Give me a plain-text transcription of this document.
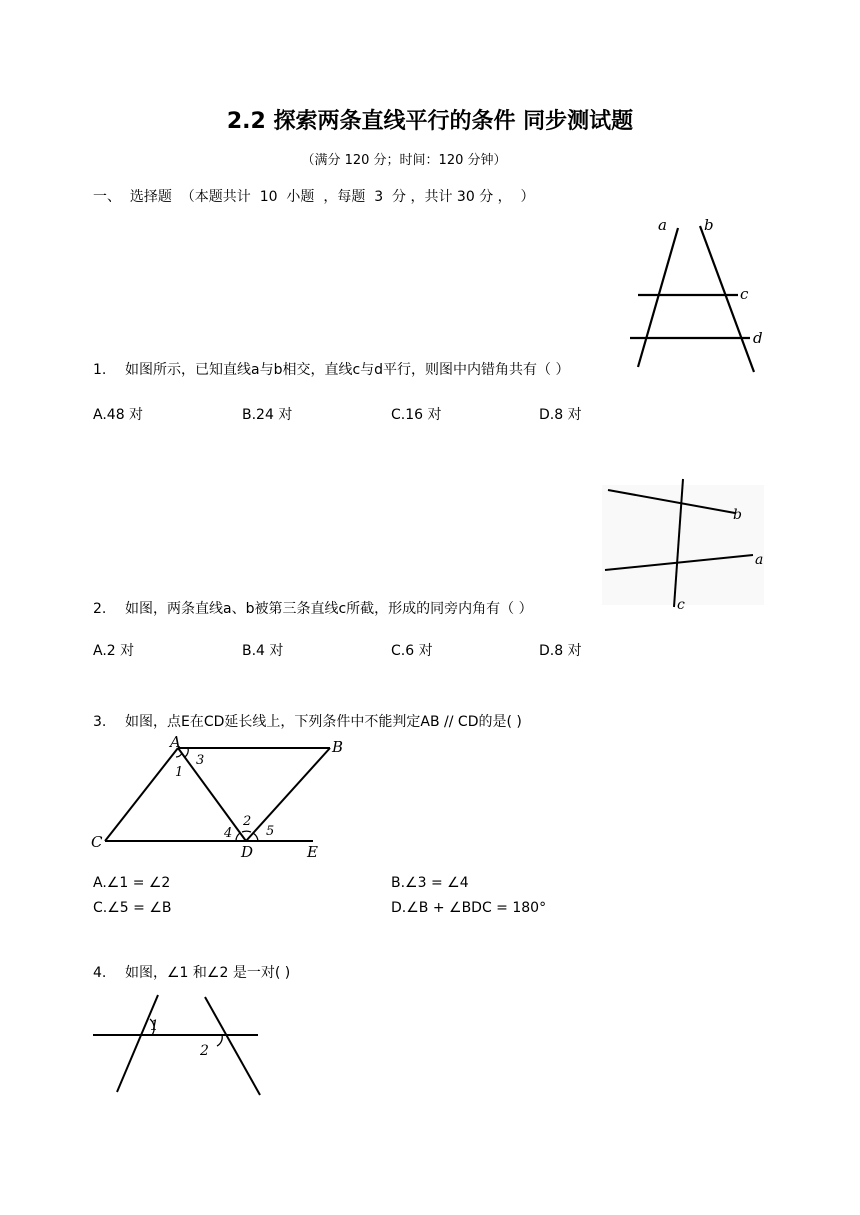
2.2 探索两条直线平行的条件 同步测试题
（满分 120 分；时间：120 分钟）
一、  选择题  （本题共计  10  小题  ，每题  3  分 ，共计 30 分 ，  ）
1. 如图所示，已知直线a与b相交，直线c与d平行，则图中内错角共有（ ）
A.48 对	B.24 对	C.16 对	D.8 对
a b
c
d
2. 如图，两条直线a、b被第三条直线c所截，形成的同旁内角有（ ）
A.2 对	B.4 对	C.6 对	D.8 对
b
a
c
3. 如图，点E在CD延长线上，下列条件中不能判定AB // CD的是( )
A	B
C
D	E
1
2
3
4	5
A.∠1 = ∠2	B.∠3 = ∠4
C.∠5 = ∠B	D.∠B + ∠BDC = 180°
4. 如图，∠1 和∠2 是一对( )
1
2
